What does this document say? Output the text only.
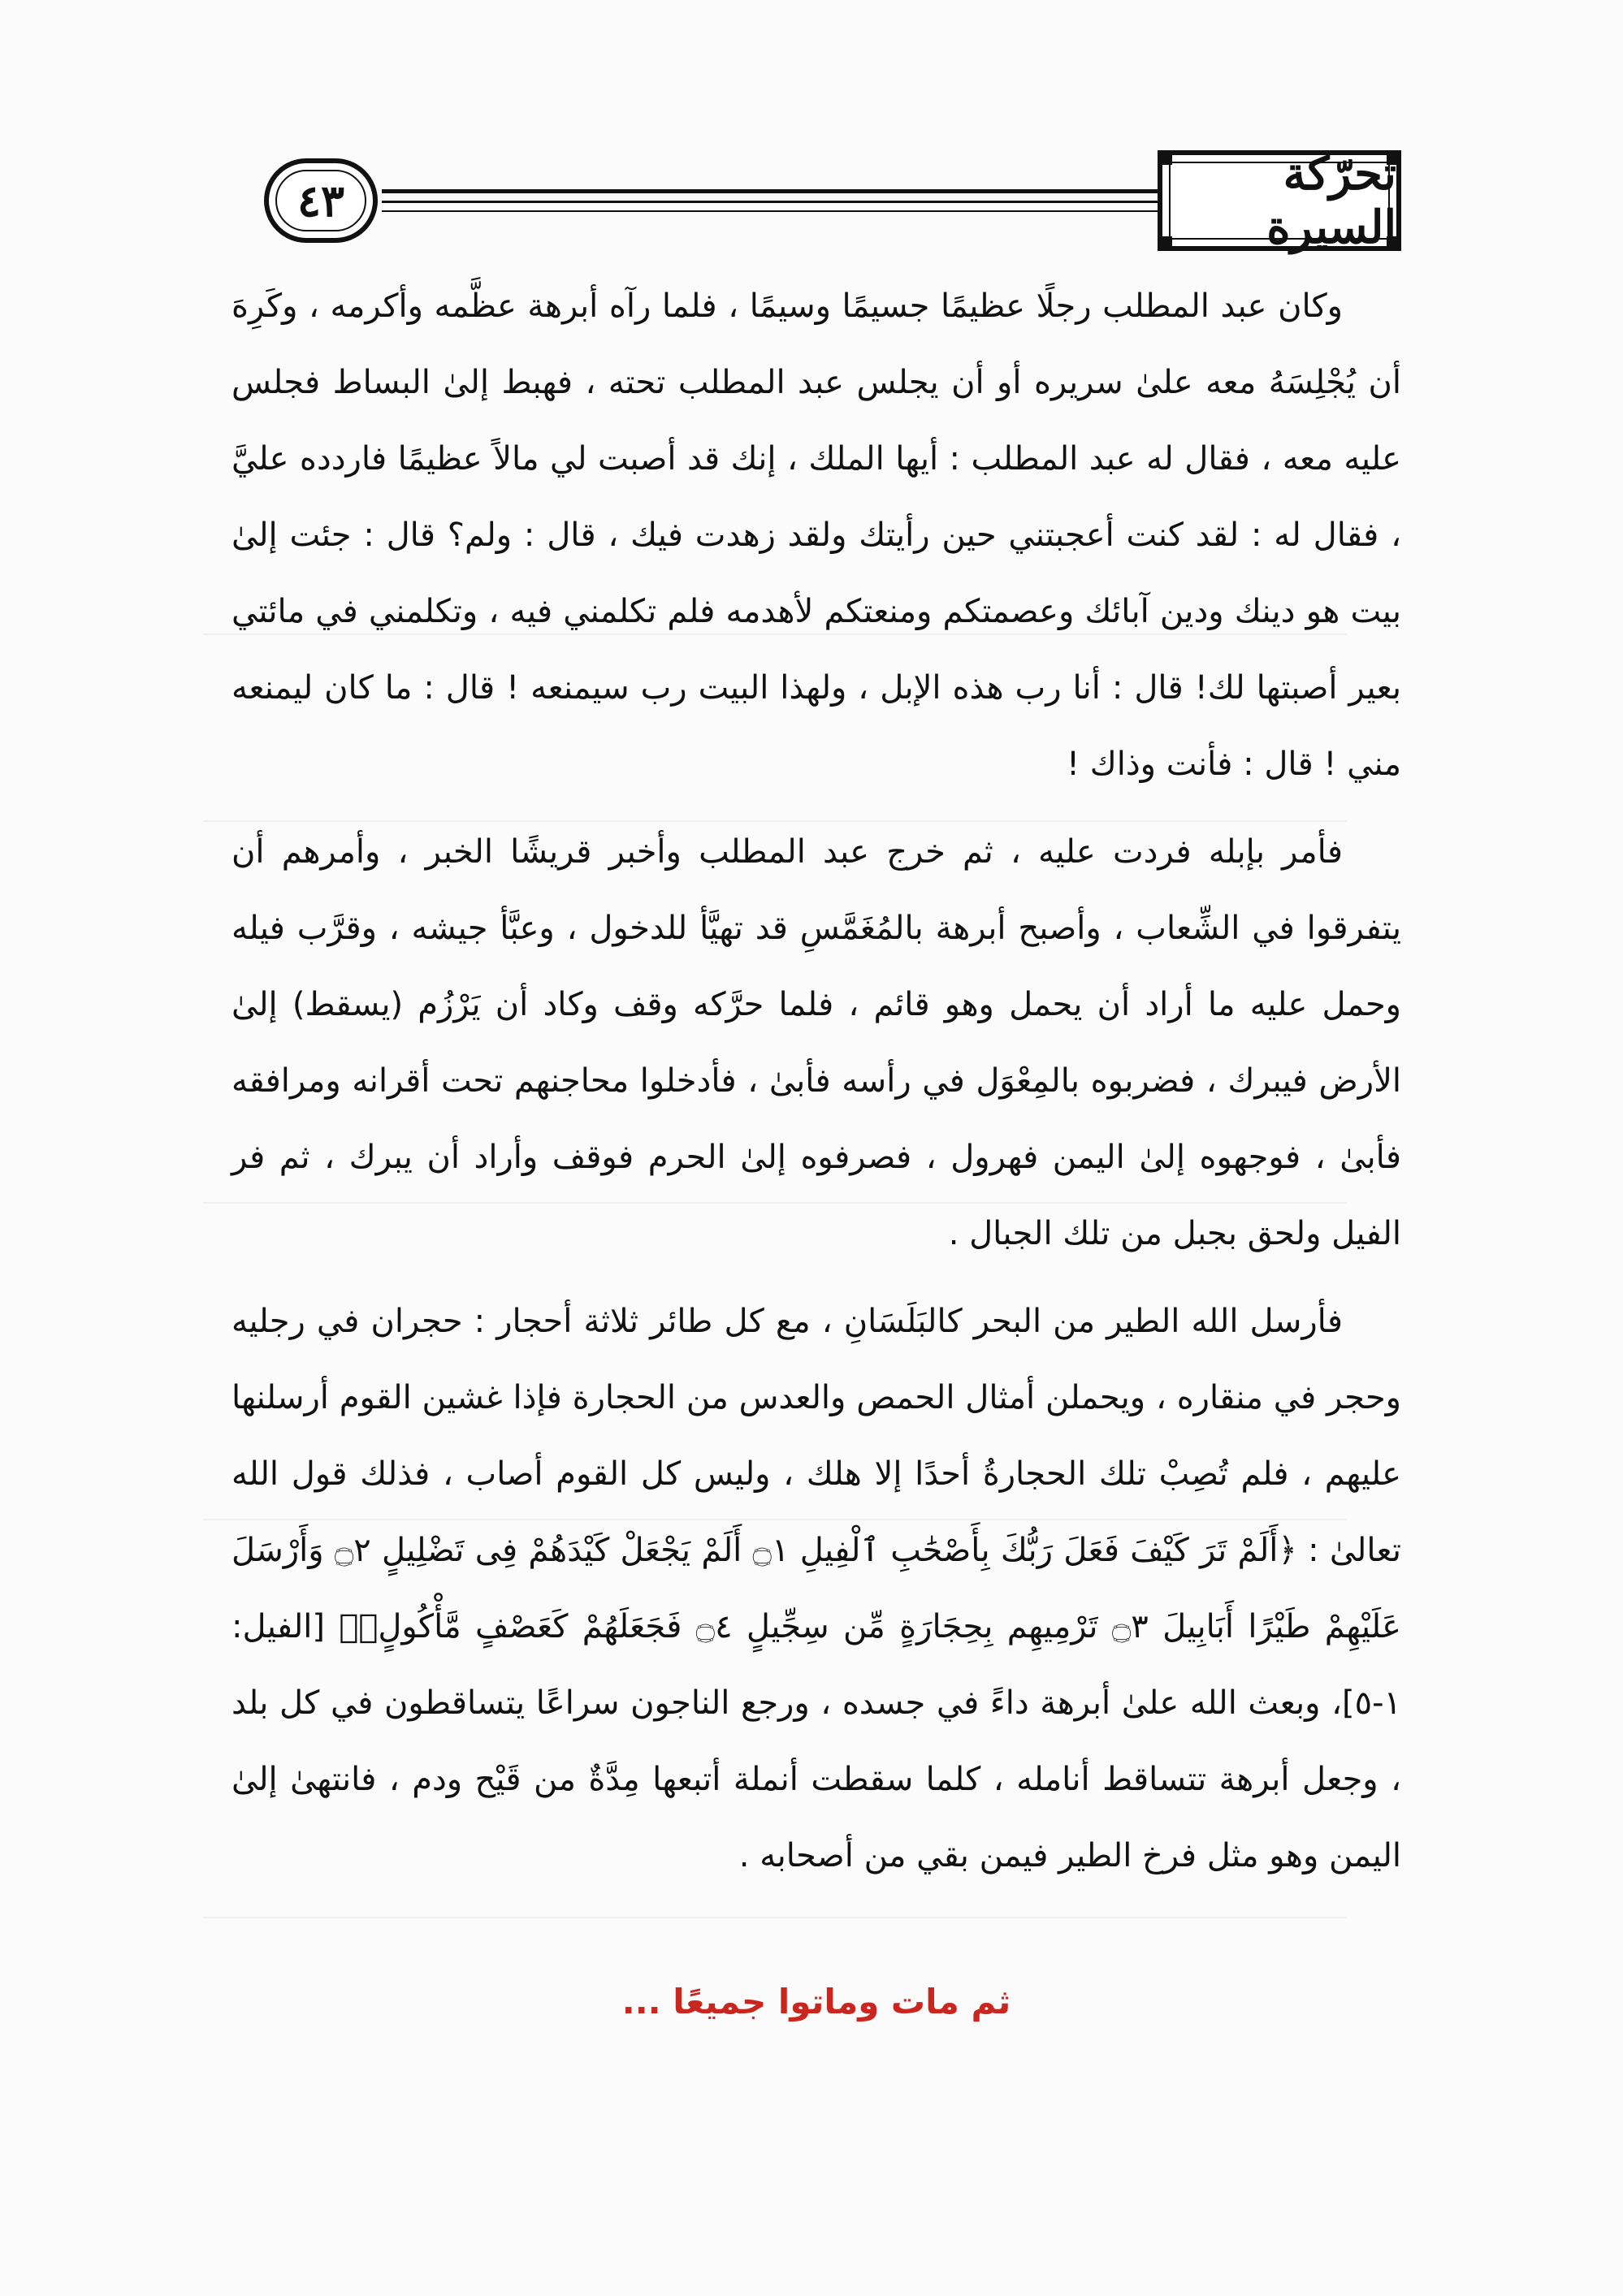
٤٣	تحرّكة السيرة

وكان عبد المطلب رجلًا عظيمًا جسيمًا وسيمًا ، فلما رآه أبرهة عظَّمه وأكرمه ، وكَرِهَ أن يُجْلِسَهُ معه علىٰ سريره أو أن يجلس عبد المطلب تحته ، فهبط إلىٰ البساط فجلس عليه معه ، فقال له عبد المطلب : أيها الملك ، إنك قد أصبت لي مالاً عظيمًا فاردده عليَّ ، فقال له : لقد كنت أعجبتني حين رأيتك ولقد زهدت فيك ، قال : ولم؟ قال : جئت إلىٰ بيت هو دينك ودين آبائك وعصمتكم ومنعتكم لأهدمه فلم تكلمني فيه ، وتكلمني في مائتي بعير أصبتها لك! قال : أنا رب هذه الإبل ، ولهذا البيت رب سيمنعه ! قال : ما كان ليمنعه مني ! قال : فأنت وذاك !

فأمر بإبله فردت عليه ، ثم خرج عبد المطلب وأخبر قريشًا الخبر ، وأمرهم أن يتفرقوا في الشِّعاب ، وأصبح أبرهة بالمُغَمَّسِ قد تهيَّأ للدخول ، وعبَّأ جيشه ، وقرَّب فيله وحمل عليه ما أراد أن يحمل وهو قائم ، فلما حرَّكه وقف وكاد أن يَرْزُم (يسقط) إلىٰ الأرض فيبرك ، فضربوه بالمِعْوَل في رأسه فأبىٰ ، فأدخلوا محاجنهم تحت أقرانه ومرافقه فأبىٰ ، فوجهوه إلىٰ اليمن فهرول ، فصرفوه إلىٰ الحرم فوقف وأراد أن يبرك ، ثم فر الفيل ولحق بجبل من تلك الجبال .

فأرسل الله الطير من البحر كالبَلَسَانِ ، مع كل طائر ثلاثة أحجار : حجران في رجليه وحجر في منقاره ، ويحملن أمثال الحمص والعدس من الحجارة فإذا غشين القوم أرسلنها عليهم ، فلم تُصِبْ تلك الحجارةُ أحدًا إلا هلك ، وليس كل القوم أصاب ، فذلك قول الله تعالىٰ : ﴿أَلَمْ تَرَ كَيْفَ فَعَلَ رَبُّكَ بِأَصْحَٰبِ ٱلْفِيلِ ۝١ أَلَمْ يَجْعَلْ كَيْدَهُمْ فِى تَضْلِيلٍ ۝٢ وَأَرْسَلَ عَلَيْهِمْ طَيْرًا أَبَابِيلَ ۝٣ تَرْمِيهِم بِحِجَارَةٍ مِّن سِجِّيلٍ ۝٤ فَجَعَلَهُمْ كَعَصْفٍ مَّأْكُولٍۭ﴾ [الفيل: ١-٥]، وبعث الله علىٰ أبرهة داءً في جسده ، ورجع الناجون سراعًا يتساقطون في كل بلد ، وجعل أبرهة تتساقط أنامله ، كلما سقطت أنملة أتبعها مِدَّةٌ من قَيْح ودم ، فانتهىٰ إلىٰ اليمن وهو مثل فرخ الطير فيمن بقي من أصحابه .

ثم مات وماتوا جميعًا ...
